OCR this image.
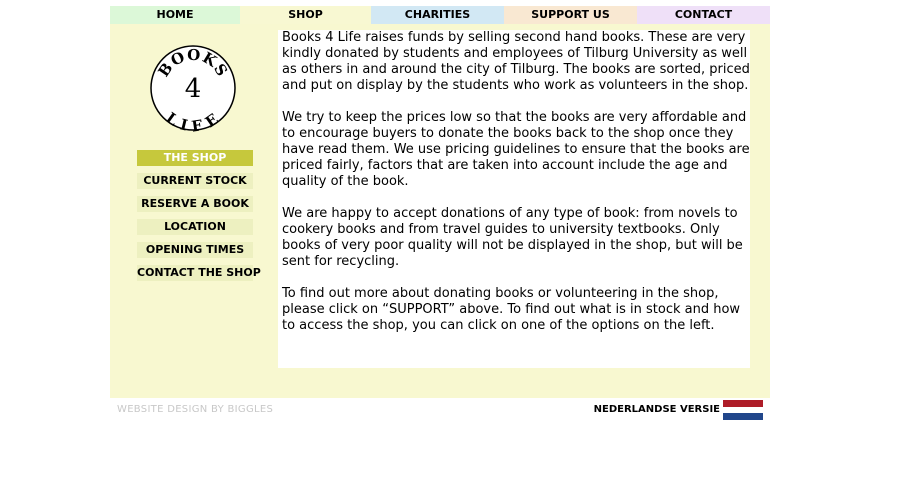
HOME	SHOP	CHARITIES	SUPPORT US	CONTACT
BOOKS
4
LIFE
THE SHOP
CURRENT STOCK
RESERVE A BOOK
LOCATION
OPENING TIMES
CONTACT THE SHOP

Books 4 Life raises funds by selling second hand books. These are very kindly donated by students and employees of Tilburg University as well as others in and around the city of Tilburg. The books are sorted, priced and put on display by the students who work as volunteers in the shop.

We try to keep the prices low so that the books are very affordable and to encourage buyers to donate the books back to the shop once they have read them. We use pricing guidelines to ensure that the books are priced fairly, factors that are taken into account include the age and quality of the book.

We are happy to accept donations of any type of book: from novels to cookery books and from travel guides to university textbooks. Only books of very poor quality will not be displayed in the shop, but will be sent for recycling.

To find out more about donating books or volunteering in the shop, please click on “SUPPORT” above. To find out what is in stock and how to access the shop, you can click on one of the options on the left.

WEBSITE DESIGN BY BIGGLES	NEDERLANDSE VERSIE
